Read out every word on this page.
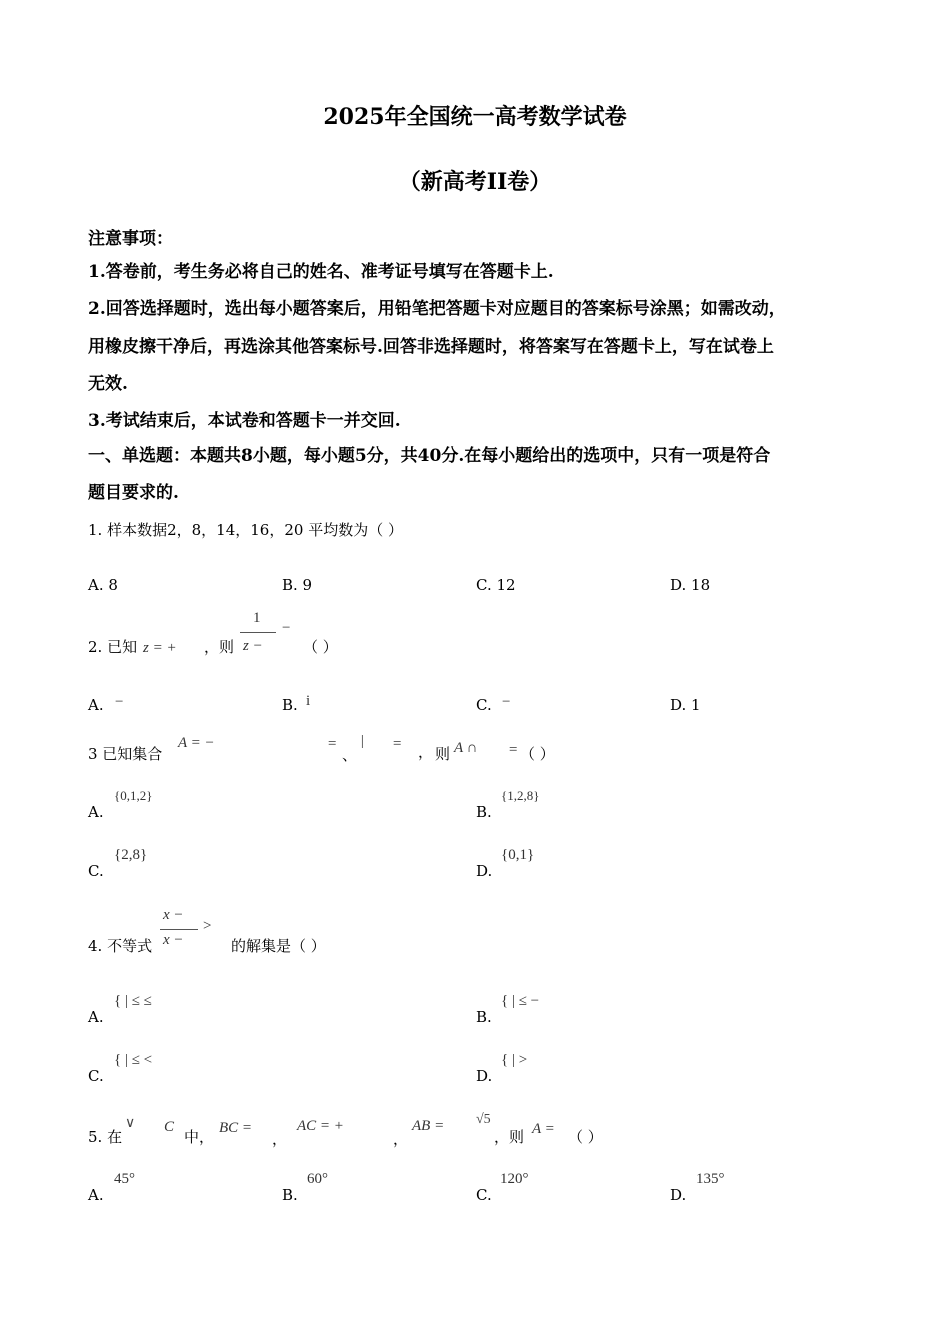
2025年全国统一高考数学试卷
（新高考II卷）
注意事项：
1.答卷前，考生务必将自己的姓名、准考证号填写在答题卡上.
2.回答选择题时，选出每小题答案后，用铅笔把答题卡对应题目的答案标号涂黑；如需改动，
用橡皮擦干净后，再选涂其他答案标号.回答非选择题时，将答案写在答题卡上，写在试卷上
无效.
3.考试结束后，本试卷和答题卡一并交回.
一、单选题：本题共8小题，每小题5分，共40分.在每小题给出的选项中，只有一项是符合
题目要求的.
1. 样本数据2，8，14，16，20 平均数为（ ）
A. 8	B. 9	C. 12	D. 18
2. 已知 z = + ，则
1
z −
−
（ ）
A. −	B. i	C. −	D. 1
3 已知集合
A = −	=
、
| = ， 则 A ∩ = （ ）
A.
{0,1,2}
B.
{1,2,8}
C.
{2,8}
D.
{0,1}
4. 不等式
x −
x −
>
的解集是（ ）
A.
{ | ≤ ≤
B.
{ | ≤ −
C.
{ | ≤ <
D.
{ | >
5. 在
∨ C
中， BC =
，
AC = +
，
AB = √5
，则 A = （ ）
A.
45°
B.
60°
C.
120°
D.
135°
